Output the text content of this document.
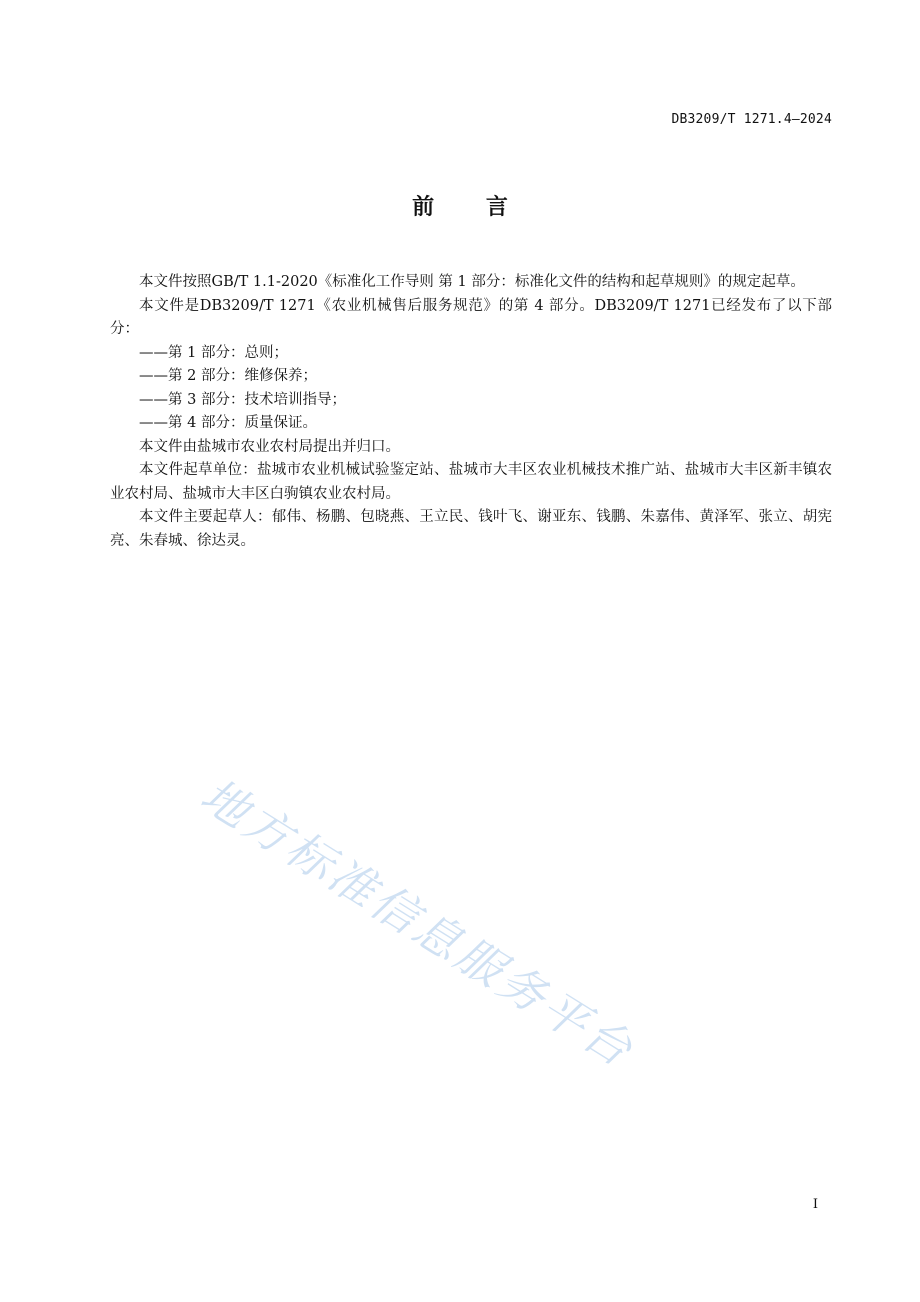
DB3209/T 1271.4—2024
前 言

本文件按照GB/T 1.1-2020《标准化工作导则 第 1 部分：标准化文件的结构和起草规则》的规定起草。

本文件是DB3209/T 1271《农业机械售后服务规范》的第 4 部分。DB3209/T 1271已经发布了以下部分：

——第 1 部分：总则；

——第 2 部分：维修保养；

——第 3 部分：技术培训指导；

——第 4 部分：质量保证。

本文件由盐城市农业农村局提出并归口。

本文件起草单位：盐城市农业机械试验鉴定站、盐城市大丰区农业机械技术推广站、盐城市大丰区新丰镇农业农村局、盐城市大丰区白驹镇农业农村局。

本文件主要起草人：郁伟、杨鹏、包晓燕、王立民、钱叶飞、谢亚东、钱鹏、朱嘉伟、黄泽军、张立、胡宪亮、朱春城、徐达灵。

地方标准信息服务平台
I
